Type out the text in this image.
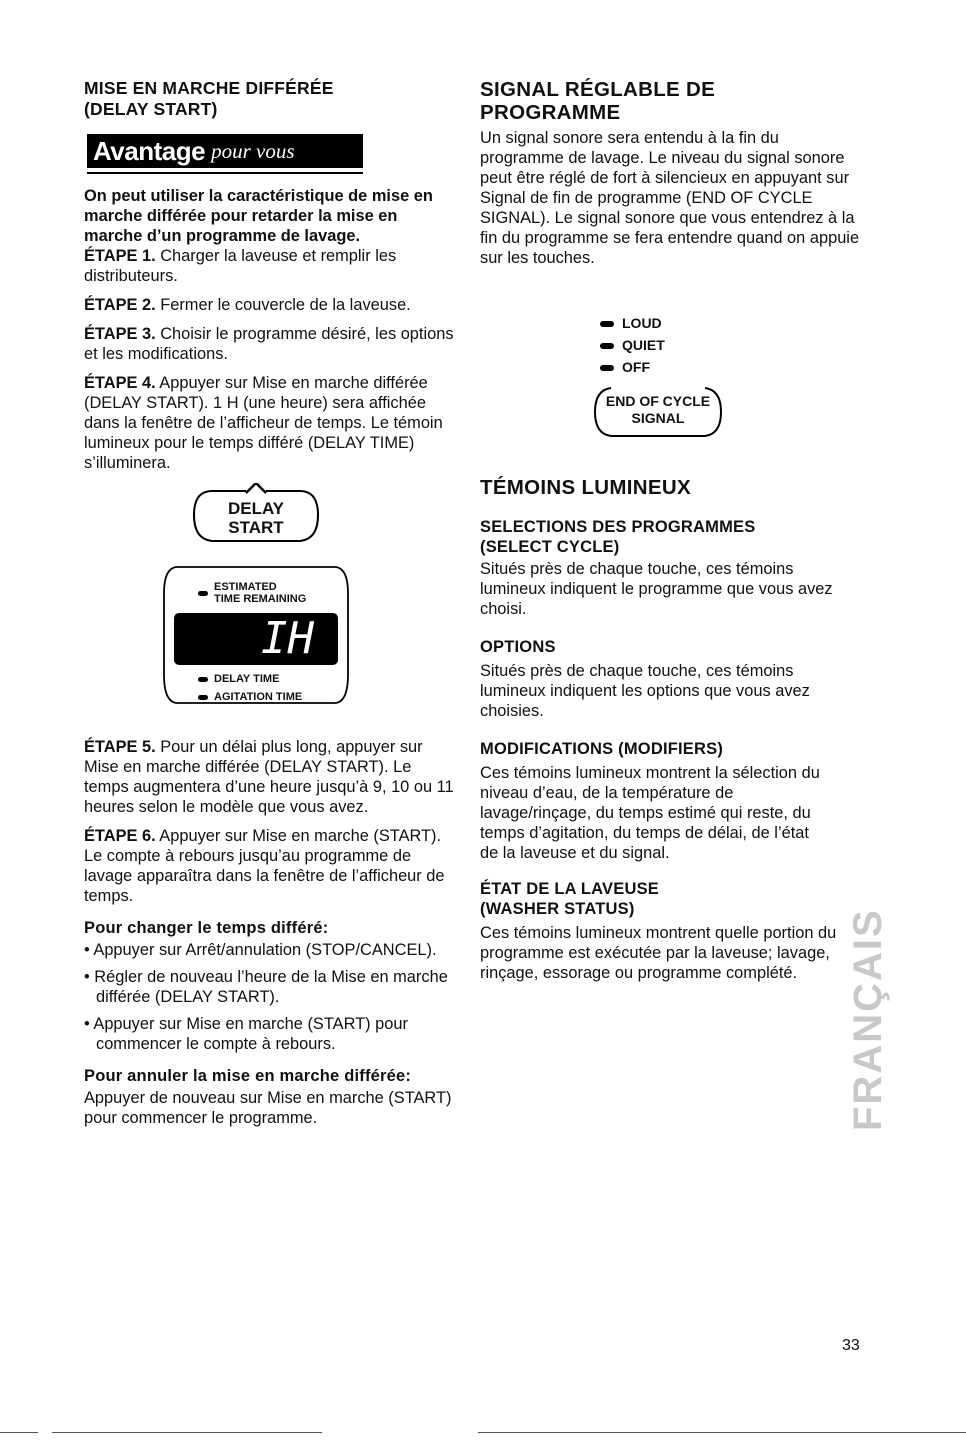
MISE EN MARCHE DIFFÉRÉE
(DELAY START)
Avantage pour vous

On peut utiliser la caractéristique de mise en marche différée pour retarder la mise en marche d’un programme de lavage.

ÉTAPE 1. Charger la laveuse et remplir les distributeurs.

ÉTAPE 2. Fermer le couvercle de la laveuse.

ÉTAPE 3. Choisir le programme désiré, les options et les modifications.

ÉTAPE 4. Appuyer sur Mise en marche différée (DELAY START). 1 H (une heure) sera affichée dans la fenêtre de l’afficheur de temps. Le témoin lumineux pour le temps différé (DELAY TIME) s’illuminera.

DELAY
START
ESTIMATED
TIME REMAINING
IH
DELAY TIME
AGITATION TIME

ÉTAPE 5. Pour un délai plus long, appuyer sur Mise en marche différée (DELAY START). Le temps augmentera d’une heure jusqu’à 9, 10 ou 11 heures selon le modèle que vous avez.

ÉTAPE 6. Appuyer sur Mise en marche (START). Le compte à rebours jusqu’au programme de lavage apparaîtra dans la fenêtre de l’afficheur de temps.

Pour changer le temps différé:

• Appuyer sur Arrêt/annulation (STOP/CANCEL).

• Régler de nouveau l’heure de la Mise en marche différée (DELAY START).

• Appuyer sur Mise en marche (START) pour commencer le compte à rebours.

Pour annuler la mise en marche différée:

Appuyer de nouveau sur Mise en marche (START) pour commencer le programme.

SIGNAL RÉGLABLE DE PROGRAMME

Un signal sonore sera entendu à la fin du programme de lavage. Le niveau du signal sonore peut être réglé de fort à silencieux en appuyant sur Signal de fin de programme (END OF CYCLE SIGNAL). Le signal sonore que vous entendrez à la fin du programme se fera entendre quand on appuie sur les touches.

LOUD
QUIET
OFF
END OF CYCLE
SIGNAL
TÉMOINS LUMINEUX
SELECTIONS DES PROGRAMMES (SELECT CYCLE)

Situés près de chaque touche, ces témoins lumineux indiquent le programme que vous avez choisi.

OPTIONS

Situés près de chaque touche, ces témoins lumineux indiquent les options que vous avez choisies.

MODIFICATIONS (MODIFIERS)

Ces témoins lumineux montrent la sélection du niveau d’eau, de la température de lavage/rinçage, du temps estimé qui reste, du temps d’agitation, du temps de délai, de l’état de la laveuse et du signal.

ÉTAT DE LA LAVEUSE (WASHER STATUS)

Ces témoins lumineux montrent quelle portion du programme est exécutée par la laveuse; lavage, rinçage, essorage ou programme complété.	FRANÇAIS
33
